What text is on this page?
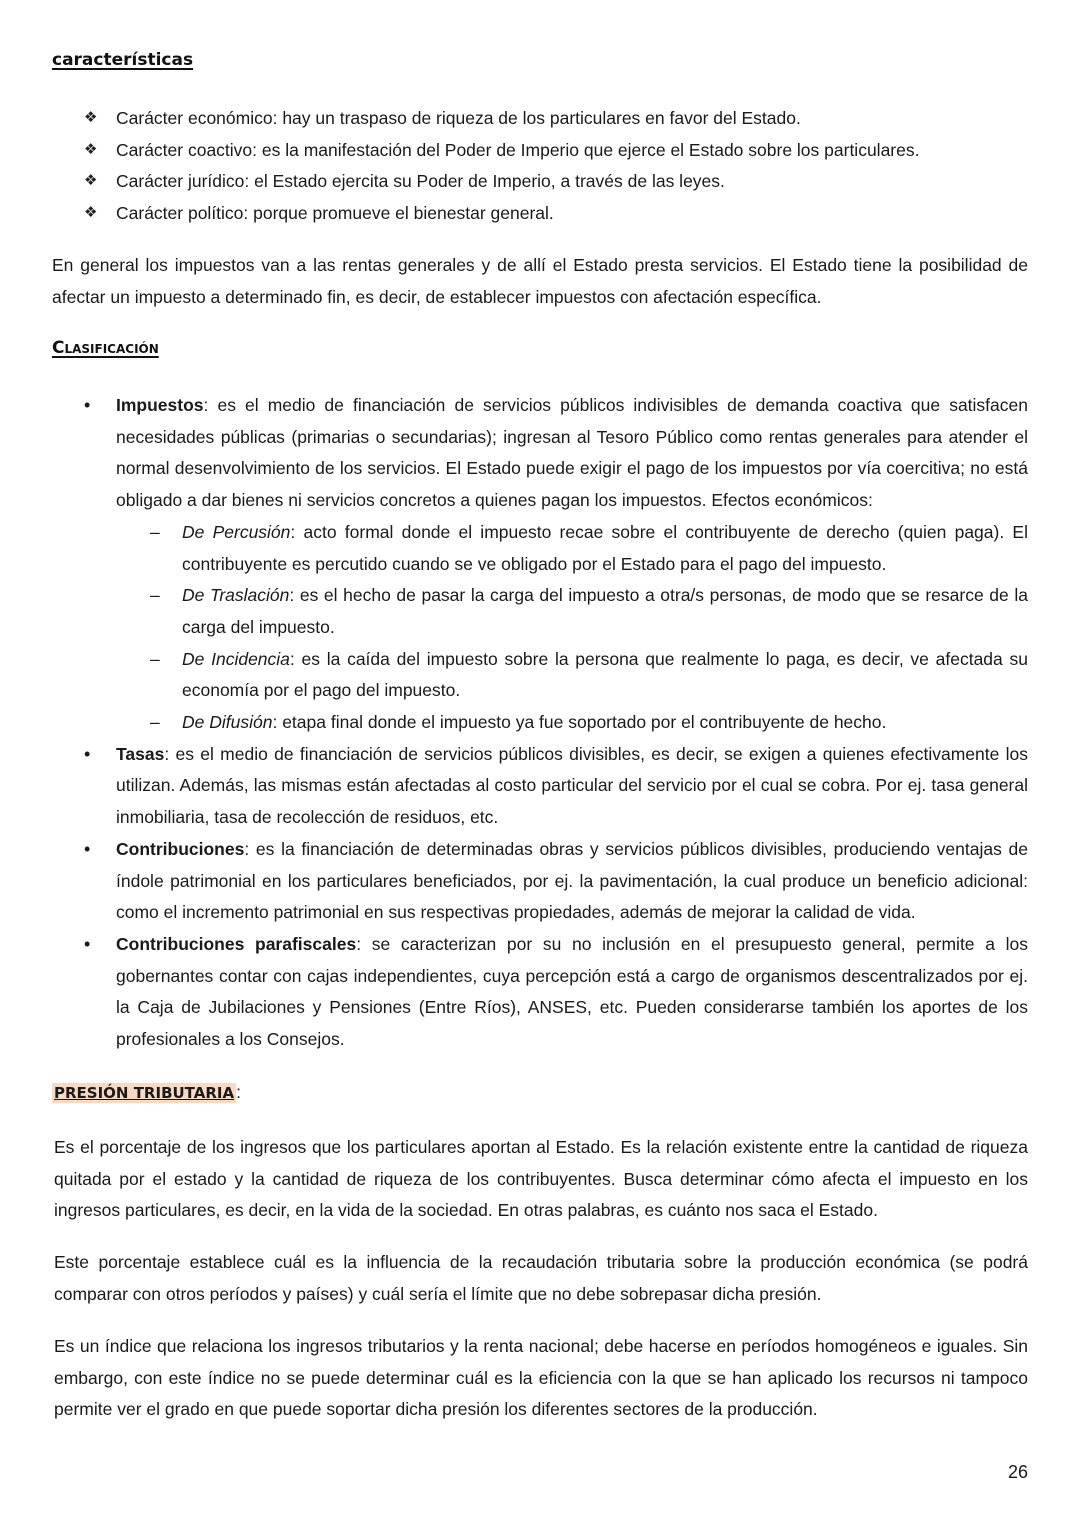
características
❖ Carácter económico: hay un traspaso de riqueza de los particulares en favor del Estado.
❖ Carácter coactivo: es la manifestación del Poder de Imperio que ejerce el Estado sobre los particulares.
❖ Carácter jurídico: el Estado ejercita su Poder de Imperio, a través de las leyes.
❖ Carácter político: porque promueve el bienestar general.

En general los impuestos van a las rentas generales y de allí el Estado presta servicios. El Estado tiene la posibilidad de afectar un impuesto a determinado fin, es decir, de establecer impuestos con afectación específica.

Clasificación
• Impuestos: es el medio de financiación de servicios públicos indivisibles de demanda coactiva que satisfacen necesidades públicas (primarias o secundarias); ingresan al Tesoro Público como rentas generales para atender el normal desenvolvimiento de los servicios. El Estado puede exigir el pago de los impuestos por vía coercitiva; no está obligado a dar bienes ni servicios concretos a quienes pagan los impuestos. Efectos económicos:
– De Percusión: acto formal donde el impuesto recae sobre el contribuyente de derecho (quien paga). El contribuyente es percutido cuando se ve obligado por el Estado para el pago del impuesto.
– De Traslación: es el hecho de pasar la carga del impuesto a otra/s personas, de modo que se resarce de la carga del impuesto.
– De Incidencia: es la caída del impuesto sobre la persona que realmente lo paga, es decir, ve afectada su economía por el pago del impuesto.
– De Difusión: etapa final donde el impuesto ya fue soportado por el contribuyente de hecho.
• Tasas: es el medio de financiación de servicios públicos divisibles, es decir, se exigen a quienes efectivamente los utilizan. Además, las mismas están afectadas al costo particular del servicio por el cual se cobra. Por ej. tasa general inmobiliaria, tasa de recolección de residuos, etc.
• Contribuciones: es la financiación de determinadas obras y servicios públicos divisibles, produciendo ventajas de índole patrimonial en los particulares beneficiados, por ej. la pavimentación, la cual produce un beneficio adicional: como el incremento patrimonial en sus respectivas propiedades, además de mejorar la calidad de vida.
• Contribuciones parafiscales: se caracterizan por su no inclusión en el presupuesto general, permite a los gobernantes contar con cajas independientes, cuya percepción está a cargo de organismos descentralizados por ej. la Caja de Jubilaciones y Pensiones (Entre Ríos), ANSES, etc. Pueden considerarse también los aportes de los profesionales a los Consejos.
PRESIÓN TRIBUTARIA :

Es el porcentaje de los ingresos que los particulares aportan al Estado. Es la relación existente entre la cantidad de riqueza quitada por el estado y la cantidad de riqueza de los contribuyentes. Busca determinar cómo afecta el impuesto en los ingresos particulares, es decir, en la vida de la sociedad. En otras palabras, es cuánto nos saca el Estado.

Este porcentaje establece cuál es la influencia de la recaudación tributaria sobre la producción económica (se podrá comparar con otros períodos y países) y cuál sería el límite que no debe sobrepasar dicha presión.

Es un índice que relaciona los ingresos tributarios y la renta nacional; debe hacerse en períodos homogéneos e iguales. Sin embargo, con este índice no se puede determinar cuál es la eficiencia con la que se han aplicado los recursos ni tampoco permite ver el grado en que puede soportar dicha presión los diferentes sectores de la producción.

26
